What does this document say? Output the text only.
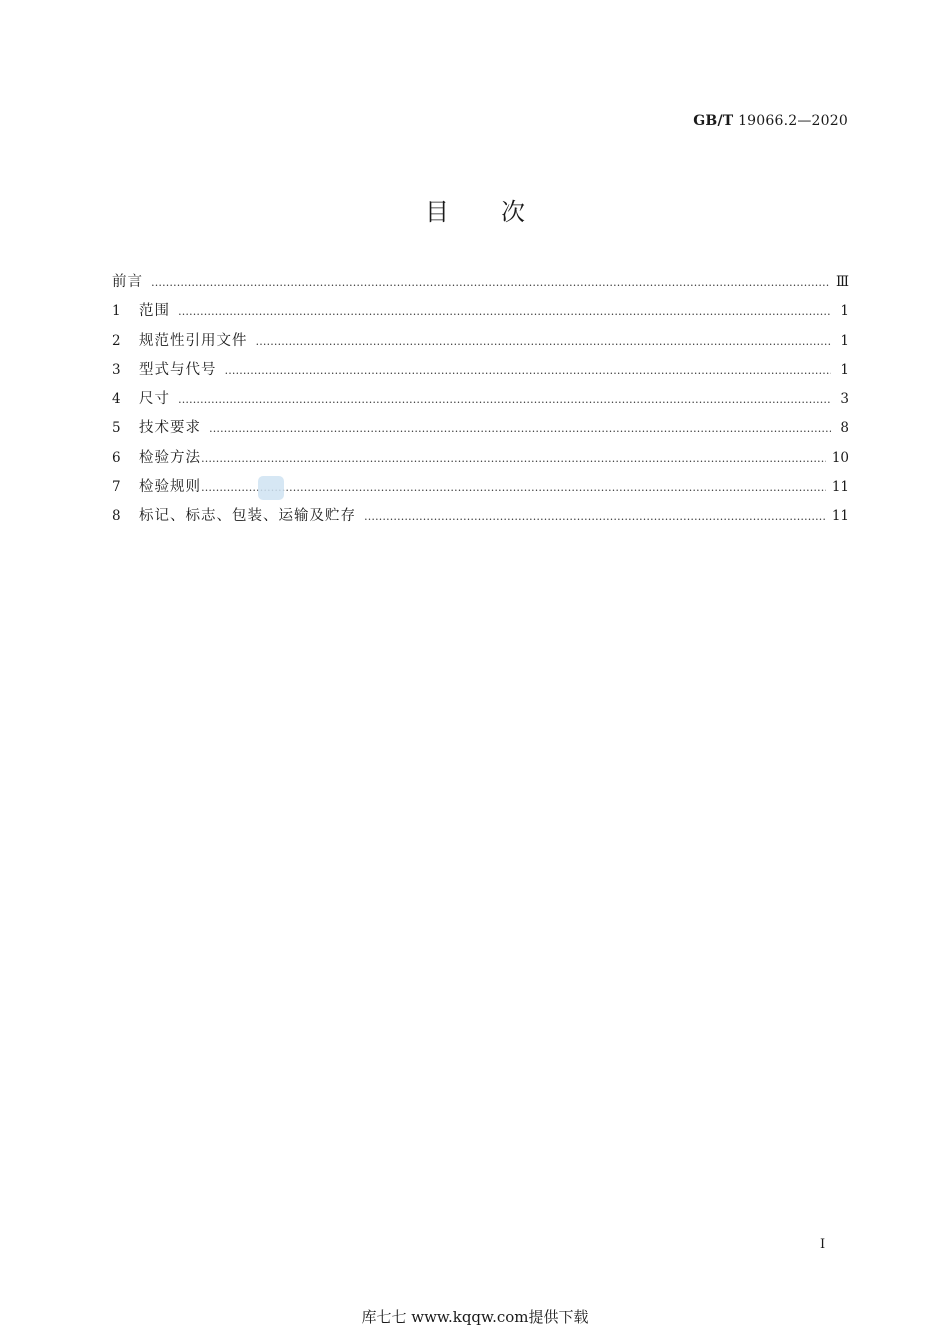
GB/T 19066.2—2020
目 次
前言 …………………………………………………………………………………………………………………………………………………………………………………………………………………………	Ⅲ
1	范围 …………………………………………………………………………………………………………………………………………………………………………………………………………………………	1
2	规范性引用文件 …………………………………………………………………………………………………………………………………………………………………………………………………………………………	1
3	型式与代号 …………………………………………………………………………………………………………………………………………………………………………………………………………………………	1
4	尺寸 …………………………………………………………………………………………………………………………………………………………………………………………………………………………	3
5	技术要求 …………………………………………………………………………………………………………………………………………………………………………………………………………………………	8
6	检验方法 …………………………………………………………………………………………………………………………………………………………………………………………………………………………	10
7	检验规则 …………………………………………………………………………………………………………………………………………………………………………………………………………………………	11
8	标记、标志、包装、运输及贮存 …………………………………………………………………………………………………………………………………………………………………………………………………………………………	11
I
库七七 www.kqqw.com提供下载
